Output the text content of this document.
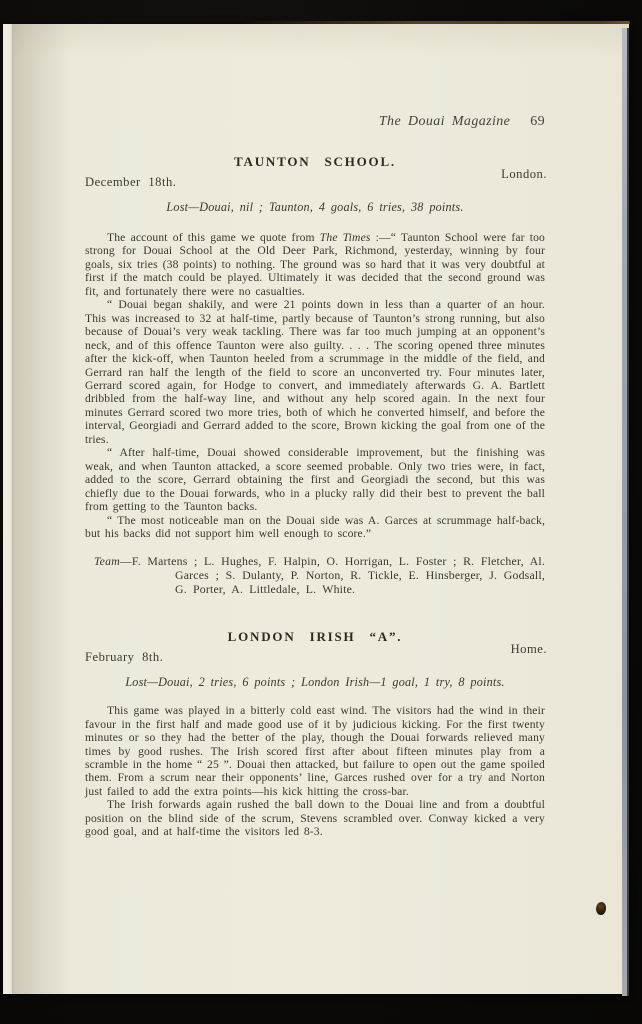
The Douai Magazine 69
TAUNTON SCHOOL.
December 18th.
London.

Lost—Douai, nil ; Taunton, 4 goals, 6 tries, 38 points.

The account of this game we quote from The Times :—“ Taunton School were far too strong for Douai School at the Old Deer Park, Richmond, yesterday, winning by four goals, six tries (38 points) to nothing. The ground was so hard that it was very doubtful at first if the match could be played. Ultimately it was decided that the second ground was fit, and fortunately there were no casualties.

“ Douai began shakily, and were 21 points down in less than a quarter of an hour. This was increased to 32 at half-time, partly because of Taunton’s strong running, but also because of Douai’s very weak tackling. There was far too much jumping at an opponent’s neck, and of this offence Taunton were also guilty. . . . The scoring opened three minutes after the kick-off, when Taunton heeled from a scrummage in the middle of the field, and Gerrard ran half the length of the field to score an unconverted try. Four minutes later, Gerrard scored again, for Hodge to convert, and immediately afterwards G. A. Bartlett dribbled from the half-way line, and without any help scored again. In the next four minutes Gerrard scored two more tries, both of which he converted himself, and before the interval, Georgiadi and Gerrard added to the score, Brown kicking the goal from one of the tries.

“ After half-time, Douai showed considerable improvement, but the finishing was weak, and when Taunton attacked, a score seemed probable. Only two tries were, in fact, added to the score, Gerrard obtaining the first and Georgiadi the second, but this was chiefly due to the Douai forwards, who in a plucky rally did their best to prevent the ball from getting to the Taunton backs.

“ The most noticeable man on the Douai side was A. Garces at scrummage half-back, but his backs did not support him well enough to score.”

Team—F. Martens ; L. Hughes, F. Halpin, O. Horrigan, L. Foster ; R. Fletcher, Al. Garces ; S. Dulanty, P. Norton, R. Tickle, E. Hinsberger, J. Godsall, G. Porter, A. Littledale, L. White.

LONDON IRISH “A”.
February 8th.
Home.

Lost—Douai, 2 tries, 6 points ; London Irish—1 goal, 1 try, 8 points.

This game was played in a bitterly cold east wind. The visitors had the wind in their favour in the first half and made good use of it by judicious kicking. For the first twenty minutes or so they had the better of the play, though the Douai forwards relieved many times by good rushes. The Irish scored first after about fifteen minutes play from a scramble in the home “ 25 ”. Douai then attacked, but failure to open out the game spoiled them. From a scrum near their opponents’ line, Garces rushed over for a try and Norton just failed to add the extra points—his kick hitting the cross-bar.

The Irish forwards again rushed the ball down to the Douai line and from a doubtful position on the blind side of the scrum, Stevens scrambled over. Conway kicked a very good goal, and at half-time the visitors led 8-3.
